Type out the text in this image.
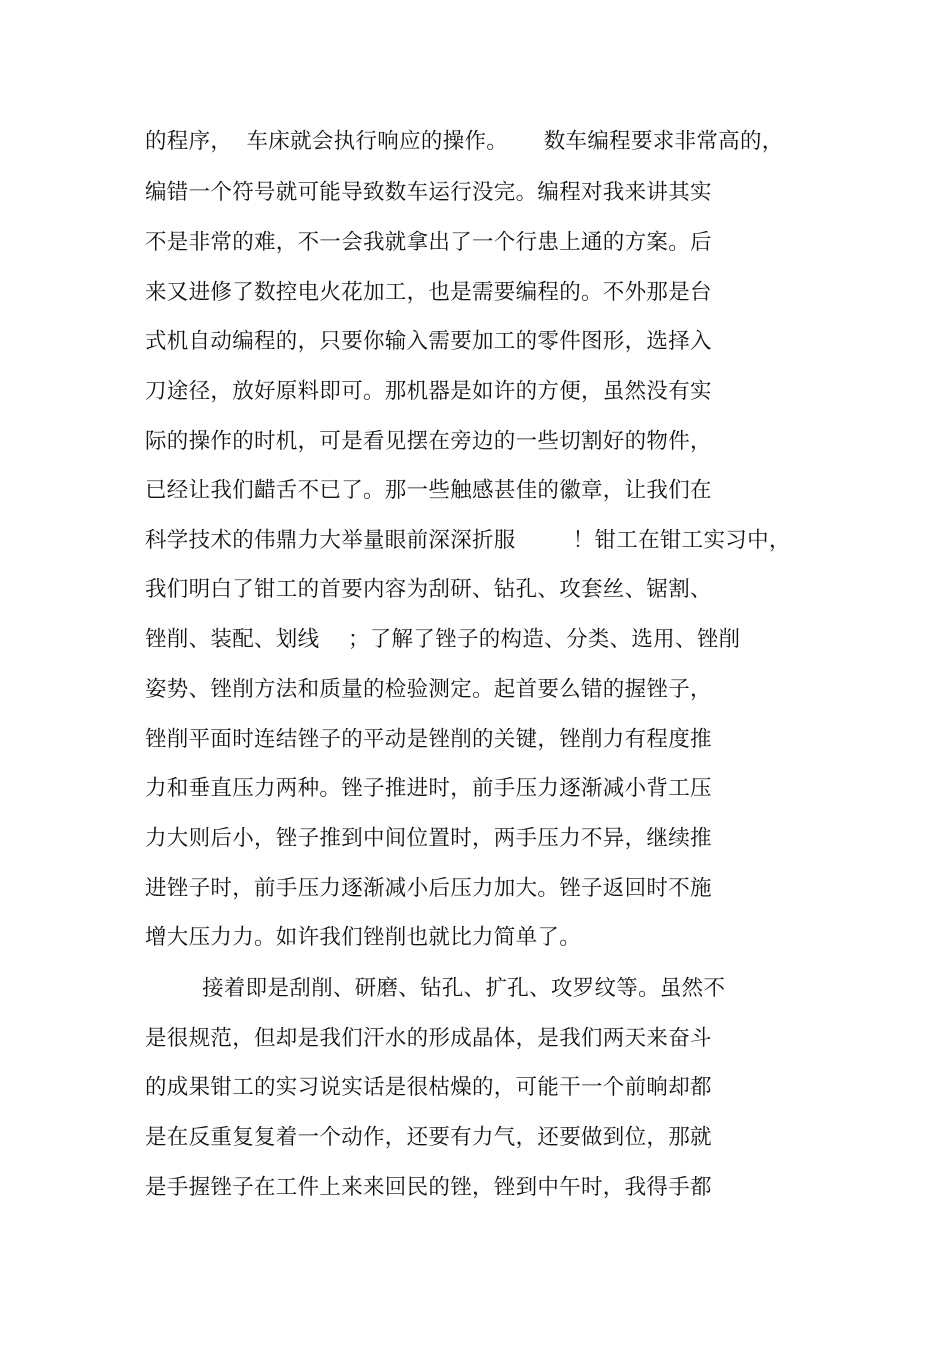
的程序，  车床就会执行响应的操作。     数车编程要求非常高的，
编错一个符号就可能导致数车运行没完。编程对我来讲其实
不是非常的难，不一会我就拿出了一个行患上通的方案。后
来又进修了数控电火花加工，也是需要编程的。不外那是台
式机自动编程的，只要你输入需要加工的零件图形，选择入
刀途径，放好原料即可。那机器是如许的方便，虽然没有实
际的操作的时机，可是看见摆在旁边的一些切割好的物件，
已经让我们齰舌不已了。那一些触感甚佳的徽章，让我们在
科学技术的伟鼎力大举量眼前深深折服        ！钳工在钳工实习中，
我们明白了钳工的首要内容为刮研、钻孔、攻套丝、锯割、
锉削、装配、划线    ；了解了锉子的构造、分类、选用、锉削
姿势、锉削方法和质量的检验测定。起首要么错的握锉子，
锉削平面时连结锉子的平动是锉削的关键，锉削力有程度推
力和垂直压力两种。锉子推进时，前手压力逐渐减小背工压
力大则后小，锉子推到中间位置时，两手压力不异，继续推
进锉子时，前手压力逐渐减小后压力加大。锉子返回时不施
增大压力力。如许我们锉削也就比力简单了。
接着即是刮削、研磨、钻孔、扩孔、攻罗纹等。虽然不
是很规范，但却是我们汗水的形成晶体，是我们两天来奋斗
的成果钳工的实习说实话是很枯燥的，可能干一个前晌却都
是在反重复复着一个动作，还要有力气，还要做到位，那就
是手握锉子在工件上来来回民的锉，锉到中午时，我得手都
